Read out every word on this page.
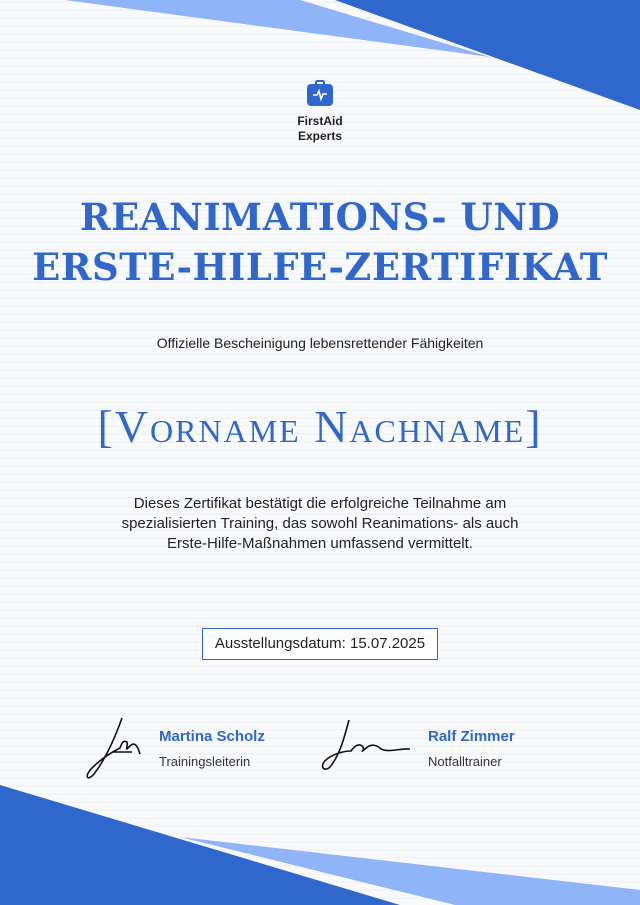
FirstAid
Experts
REANIMATIONS- UND
ERSTE-HILFE-ZERTIFIKAT
Offizielle Bescheinigung lebensrettender Fähigkeiten
[Vorname Nachname]
Dieses Zertifikat bestätigt die erfolgreiche Teilnahme am
spezialisierten Training, das sowohl Reanimations- als auch
Erste-Hilfe-Maßnahmen umfassend vermittelt.
Ausstellungsdatum: 15.07.2025
Martina Scholz
Trainingsleiterin
Ralf Zimmer
Notfalltrainer
